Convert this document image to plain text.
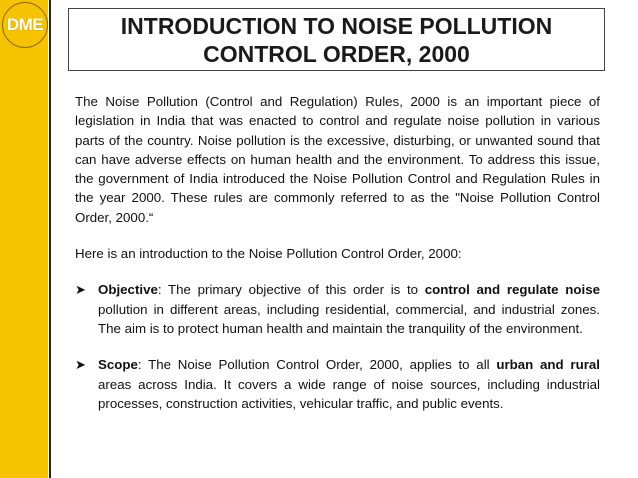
DME	INTRODUCTION TO NOISE POLLUTION
CONTROL ORDER, 2000

The Noise Pollution (Control and Regulation) Rules, 2000 is an important piece of legislation in India that was enacted to control and regulate noise pollution in various parts of the country. Noise pollution is the excessive, disturbing, or unwanted sound that can have adverse effects on human health and the environment. To address this issue, the government of India introduced the Noise Pollution Control and Regulation Rules in the year 2000. These rules are commonly referred to as the "Noise Pollution Control Order, 2000.“

Here is an introduction to the Noise Pollution Control Order, 2000:

➤ Objective: The primary objective of this order is to control and regulate noise pollution in different areas, including residential, commercial, and industrial zones. The aim is to protect human health and maintain the tranquility of the environment.
➤ Scope: The Noise Pollution Control Order, 2000, applies to all urban and rural areas across India. It covers a wide range of noise sources, including industrial processes, construction activities, vehicular traffic, and public events.
